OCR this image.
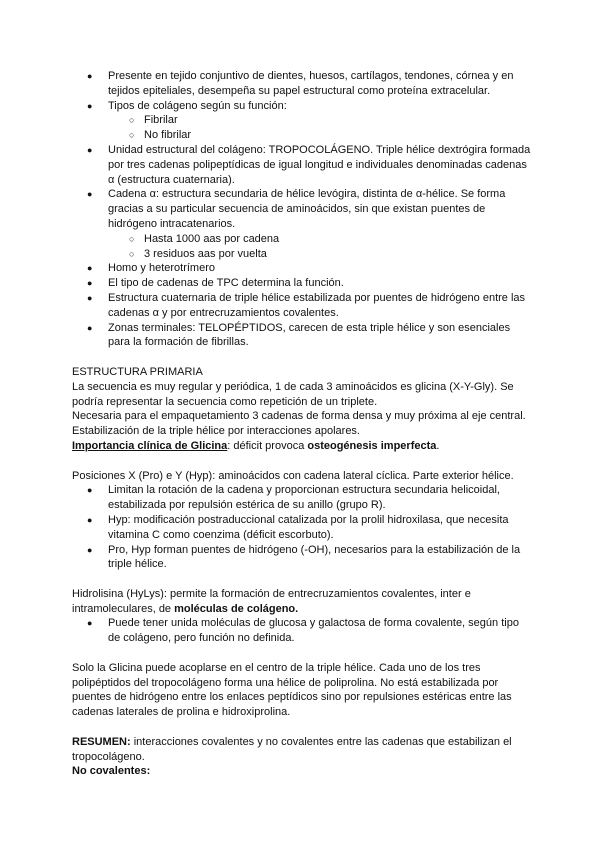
● Presente en tejido conjuntivo de dientes, huesos, cartílagos, tendones, córnea y en tejidos epiteliales, desempeña su papel estructural como proteína extracelular.
● Tipos de colágeno según su función:
○ Fibrilar
○ No fibrilar
● Unidad estructural del colágeno: TROPOCOLÁGENO. Triple hélice dextrógira formada por tres cadenas polipeptídicas de igual longitud e individuales denominadas cadenas α (estructura cuaternaria).
● Cadena α: estructura secundaria de hélice levógira, distinta de α-hélice. Se forma gracias a su particular secuencia de aminoácidos, sin que existan puentes de hidrógeno intracatenarios.
○ Hasta 1000 aas por cadena
○ 3 residuos aas por vuelta
● Homo y heterotrímero
● El tipo de cadenas de TPC determina la función.
● Estructura cuaternaria de triple hélice estabilizada por puentes de hidrógeno entre las cadenas α y por entrecruzamientos covalentes.
● Zonas terminales: TELOPÉPTIDOS, carecen de esta triple hélice y son esenciales para la formación de fibrillas.

ESTRUCTURA PRIMARIA

La secuencia es muy regular y periódica, 1 de cada 3 aminoácidos es glicina (X-Y-Gly). Se podría representar la secuencia como repetición de un triplete.

Necesaria para el empaquetamiento 3 cadenas de forma densa y muy próxima al eje central. Estabilización de la triple hélice por interacciones apolares.

Importancia clínica de Glicina: déficit provoca osteogénesis imperfecta.

Posiciones X (Pro) e Y (Hyp): aminoácidos con cadena lateral cíclica. Parte exterior hélice.

● Limitan la rotación de la cadena y proporcionan estructura secundaria helicoidal, estabilizada por repulsión estérica de su anillo (grupo R).
● Hyp: modificación postraduccional catalizada por la prolil hidroxilasa, que necesita vitamina C como coenzima (déficit escorbuto).
● Pro, Hyp forman puentes de hidrógeno (-OH), necesarios para la estabilización de la triple hélice.

Hidrolisina (HyLys): permite la formación de entrecruzamientos covalentes, inter e intramoleculares, de moléculas de colágeno.

● Puede tener unida moléculas de glucosa y galactosa de forma covalente, según tipo de colágeno, pero función no definida.

Solo la Glicina puede acoplarse en el centro de la triple hélice. Cada uno de los tres polipéptidos del tropocolágeno forma una hélice de poliprolina. No está estabilizada por puentes de hidrógeno entre los enlaces peptídicos sino por repulsiones estéricas entre las cadenas laterales de prolina e hidroxiprolina.

RESUMEN: interacciones covalentes y no covalentes entre las cadenas que estabilizan el tropocolágeno.

No covalentes:
